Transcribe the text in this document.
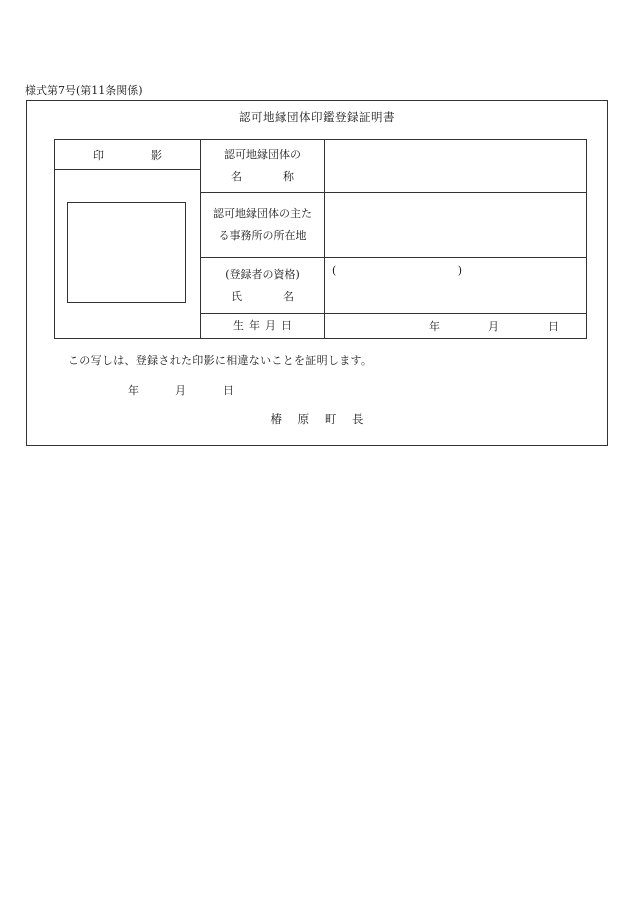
様式第7号(第11条関係)
認可地縁団体印鑑登録証明書
印 影	認可地縁団体の
名 称	

	認可地縁団体の主た
る事務所の所在地	

	(登録者の資格)
氏 名	( )

	生 年 月 日	年 月 日
この写しは、登録された印影に相違ないことを証明します。
年	月	日
椿 原 町 長
